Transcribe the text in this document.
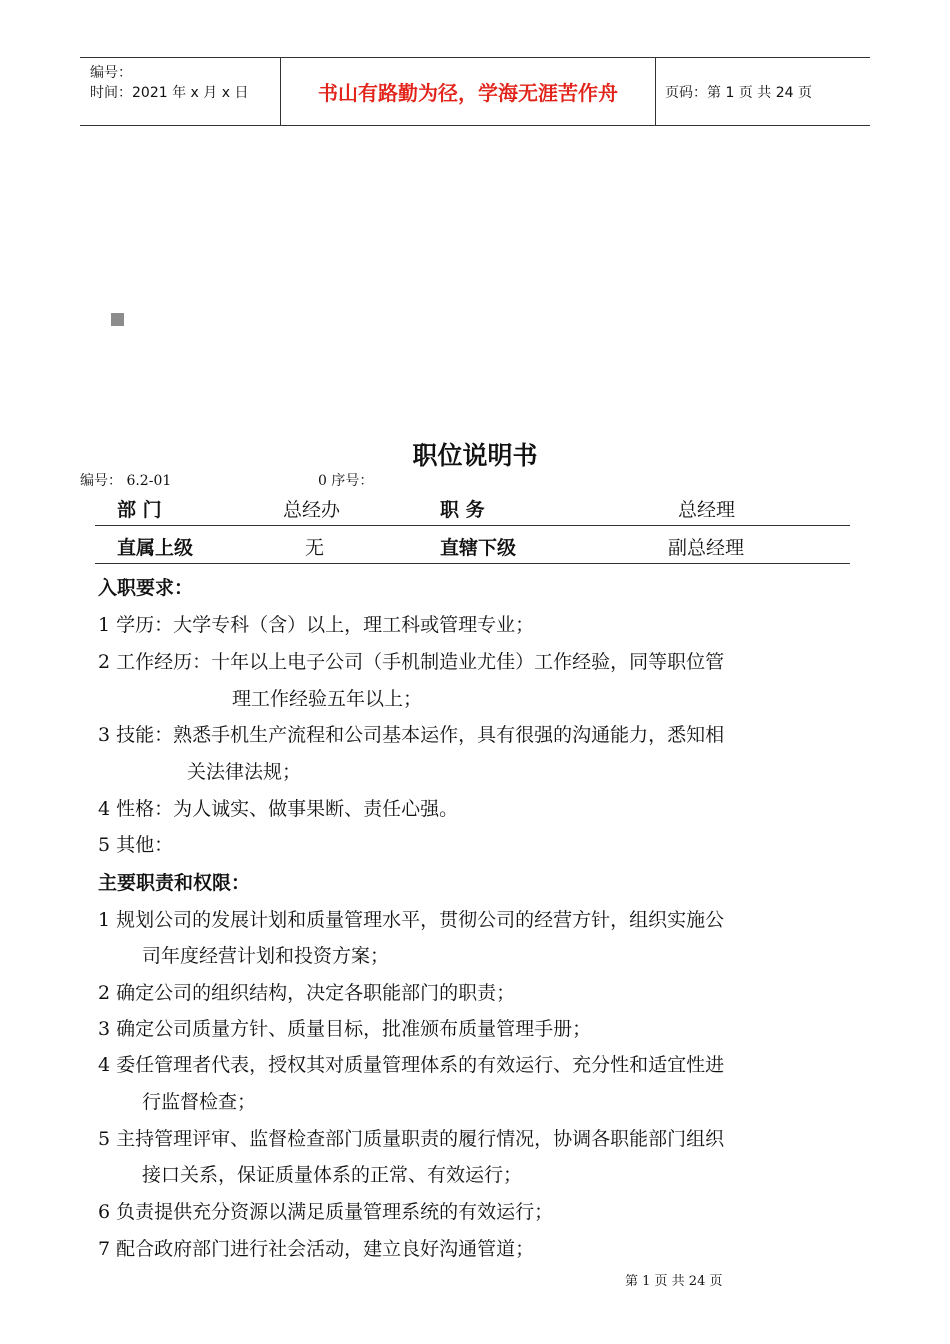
编号：
时间：2021 年 x 月 x 日	书山有路勤为径，学海无涯苦作舟	页码：第 1 页 共 24 页
职位说明书
编号： 6.2-01	0 序号：
部 门	总经办	职 务	总经理
直属上级	无	直辖下级	副总经理
入职要求：
1 学历：大学专科（含）以上，理工科或管理专业；
2 工作经历：十年以上电子公司（手机制造业尤佳）工作经验，同等职位管
理工作经验五年以上；
3 技能：熟悉手机生产流程和公司基本运作，具有很强的沟通能力，悉知相
关法律法规；
4 性格：为人诚实、做事果断、责任心强。
5 其他：
主要职责和权限：
1 规划公司的发展计划和质量管理水平，贯彻公司的经营方针，组织实施公
司年度经营计划和投资方案；
2 确定公司的组织结构，决定各职能部门的职责；
3 确定公司质量方针、质量目标，批准颁布质量管理手册；
4 委任管理者代表，授权其对质量管理体系的有效运行、充分性和适宜性进
行监督检查；
5 主持管理评审、监督检查部门质量职责的履行情况，协调各职能部门组织
接口关系，保证质量体系的正常、有效运行；
6 负责提供充分资源以满足质量管理系统的有效运行；
7 配合政府部门进行社会活动，建立良好沟通管道；
第 1 页 共 24 页
